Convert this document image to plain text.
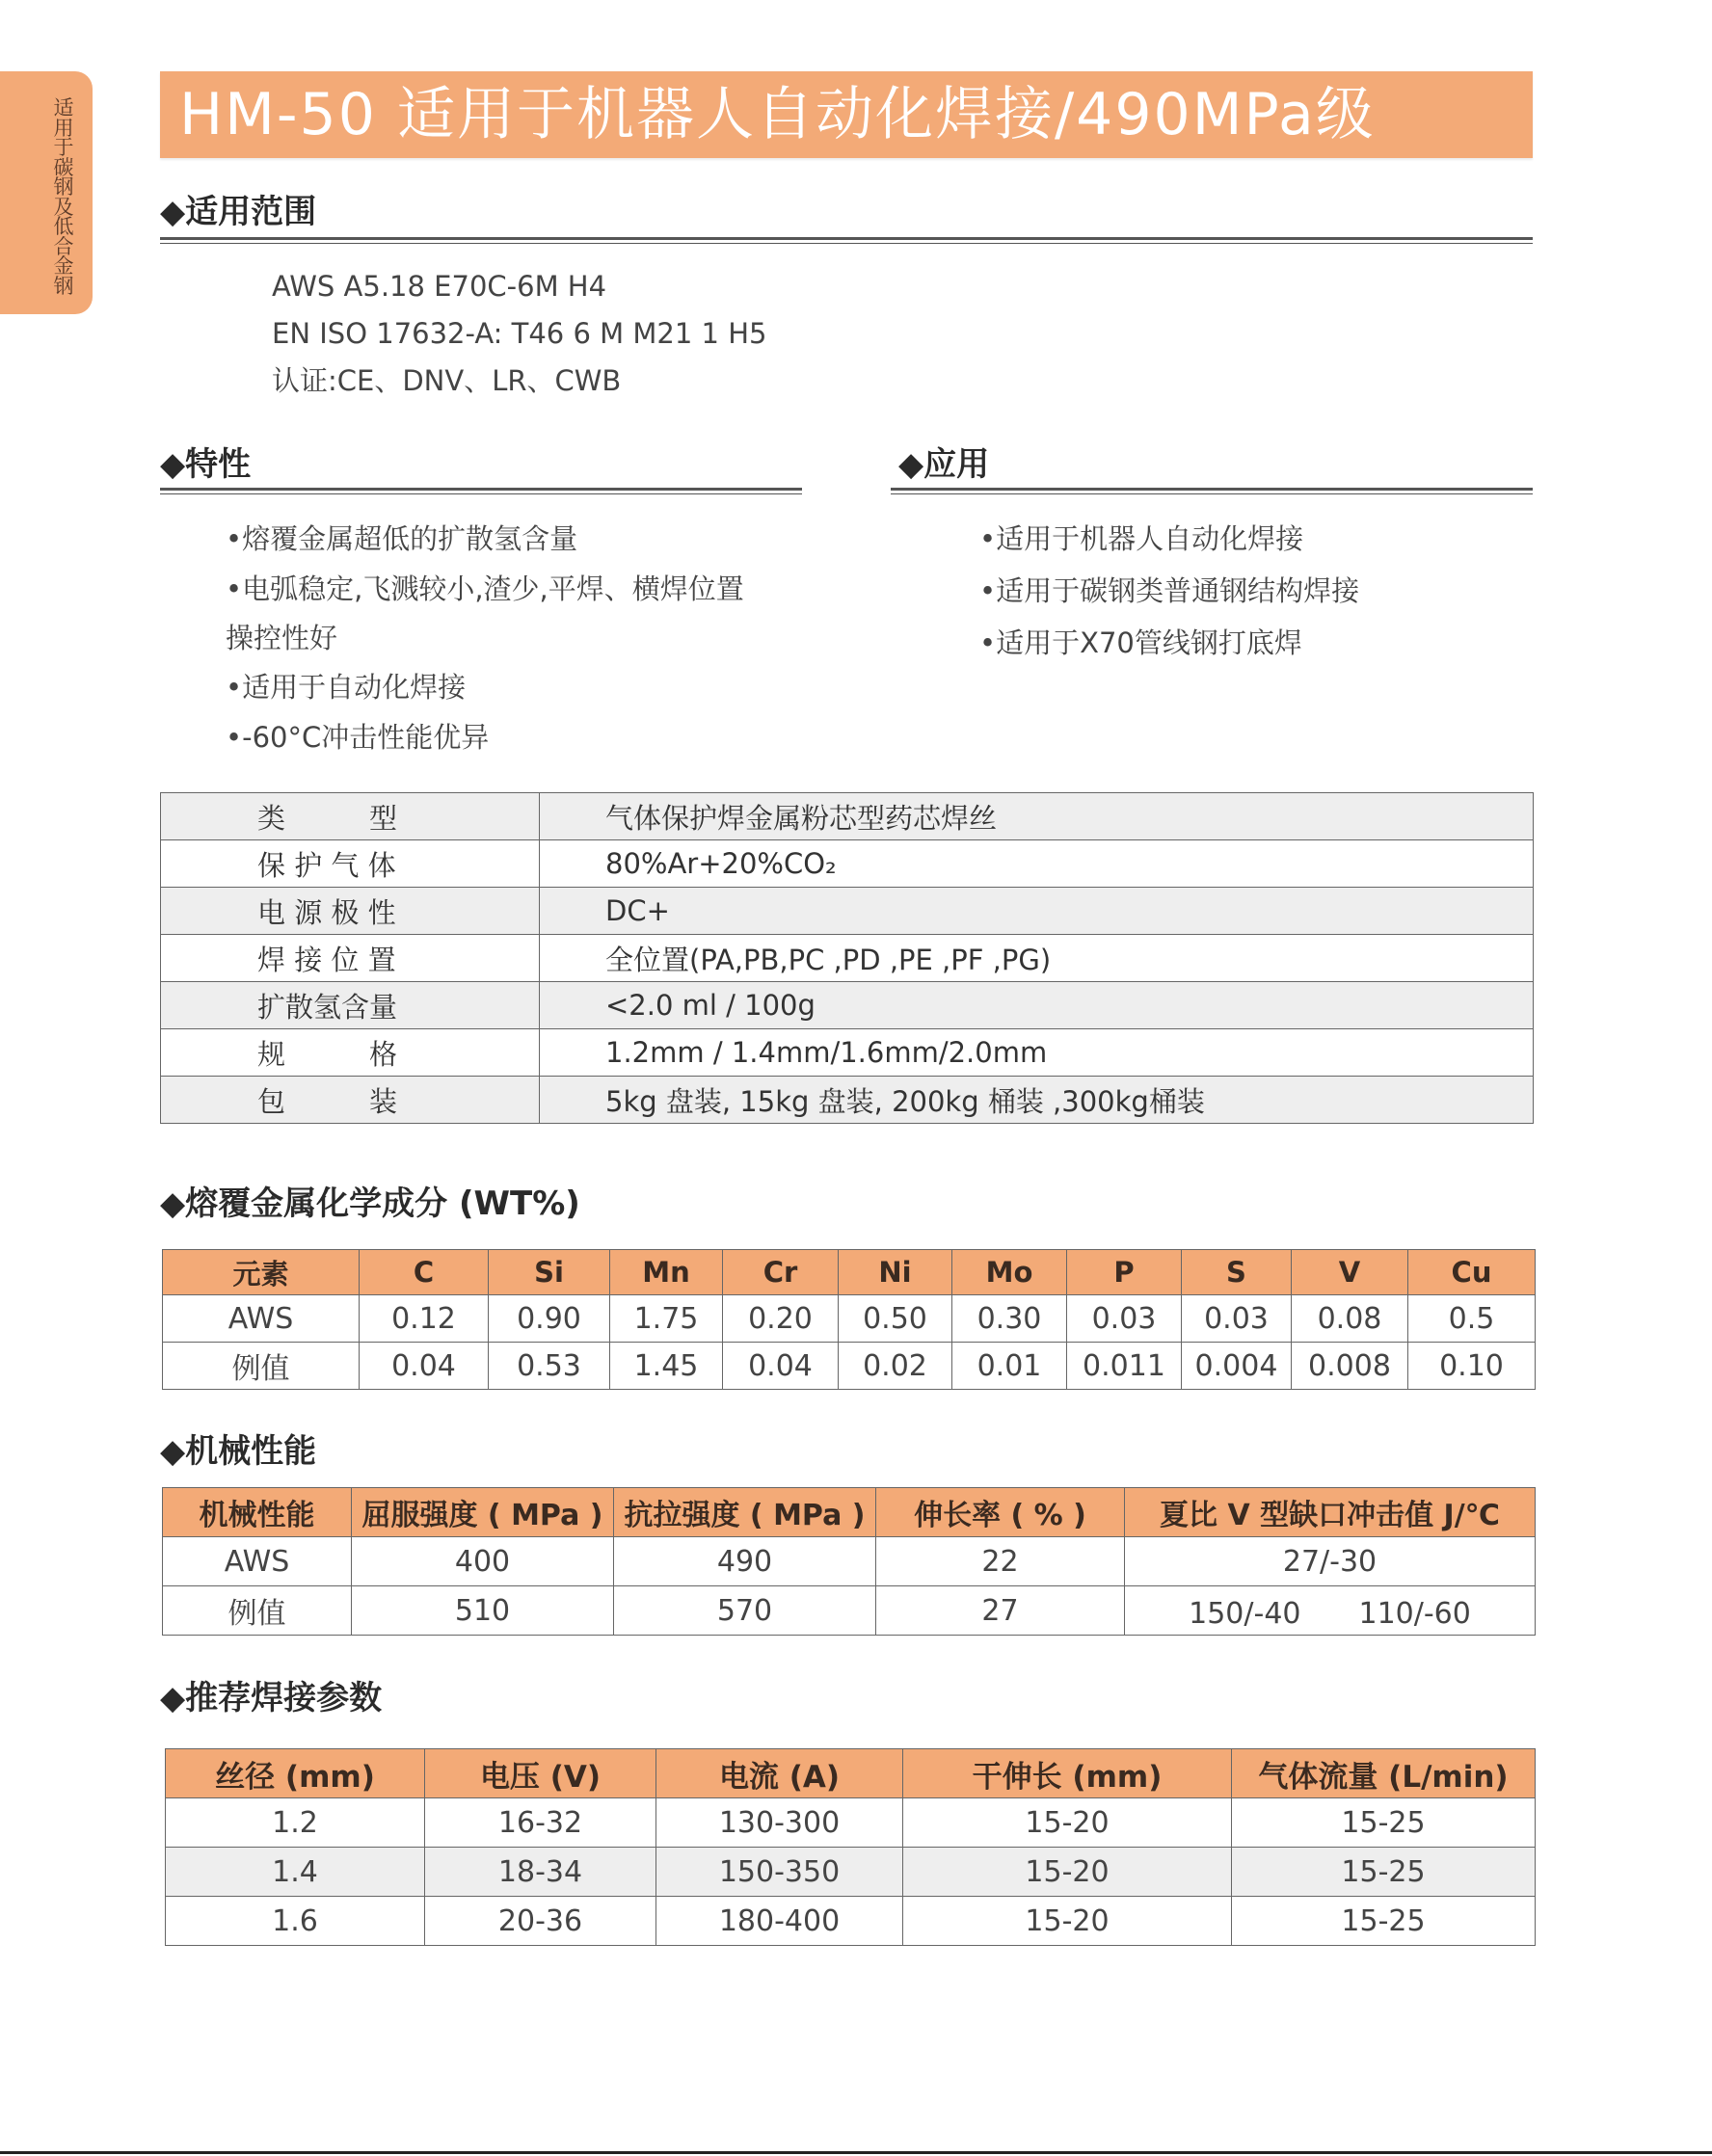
适用于碳钢及低合金钢
HM-50 适用于机器人自动化焊接/490MPa级
◆适用范围
AWS A5.18 E70C-6M H4
EN ISO 17632-A: T46 6 M M21 1 H5
认证:CE、DNV、LR、CWB
◆特性
•熔覆金属超低的扩散氢含量
•电弧稳定,飞溅较小,渣少,平焊、横焊位置
操控性好
•适用于自动化焊接
•-60°C冲击性能优异
◆应用
•适用于机器人自动化焊接
•适用于碳钢类普通钢结构焊接
•适用于X70管线钢打底焊
类　　　型	气体保护焊金属粉芯型药芯焊丝
保 护 气 体	80%Ar+20%CO₂
电 源 极 性	DC+
焊 接 位 置	全位置(PA,PB,PC ,PD ,PE ,PF ,PG)
扩散氢含量	<2.0 ml / 100g
规　　　格	1.2mm / 1.4mm/1.6mm/2.0mm
包　　　装	5kg 盘装, 15kg 盘装, 200kg 桶装 ,300kg桶装
◆熔覆金属化学成分 (WT%)
元素	C	Si	Mn	Cr	Ni	Mo	P	S	V	Cu
AWS	0.12	0.90	1.75	0.20	0.50	0.30	0.03	0.03	0.08	0.5
例值	0.04	0.53	1.45	0.04	0.02	0.01	0.011	0.004	0.008	0.10
◆机械性能
机械性能	屈服强度 ( MPa )	抗拉强度 ( MPa )	伸长率 ( % )	夏比 V 型缺口冲击值 J/℃
AWS	400	490	22	27/-30
例值	510	570	27	150/-40　　110/-60
◆推荐焊接参数
丝径 (mm)	电压 (V)	电流 (A)	干伸长 (mm)	气体流量 (L/min)
1.2	16-32	130-300	15-20	15-25
1.4	18-34	150-350	15-20	15-25
1.6	20-36	180-400	15-20	15-25
